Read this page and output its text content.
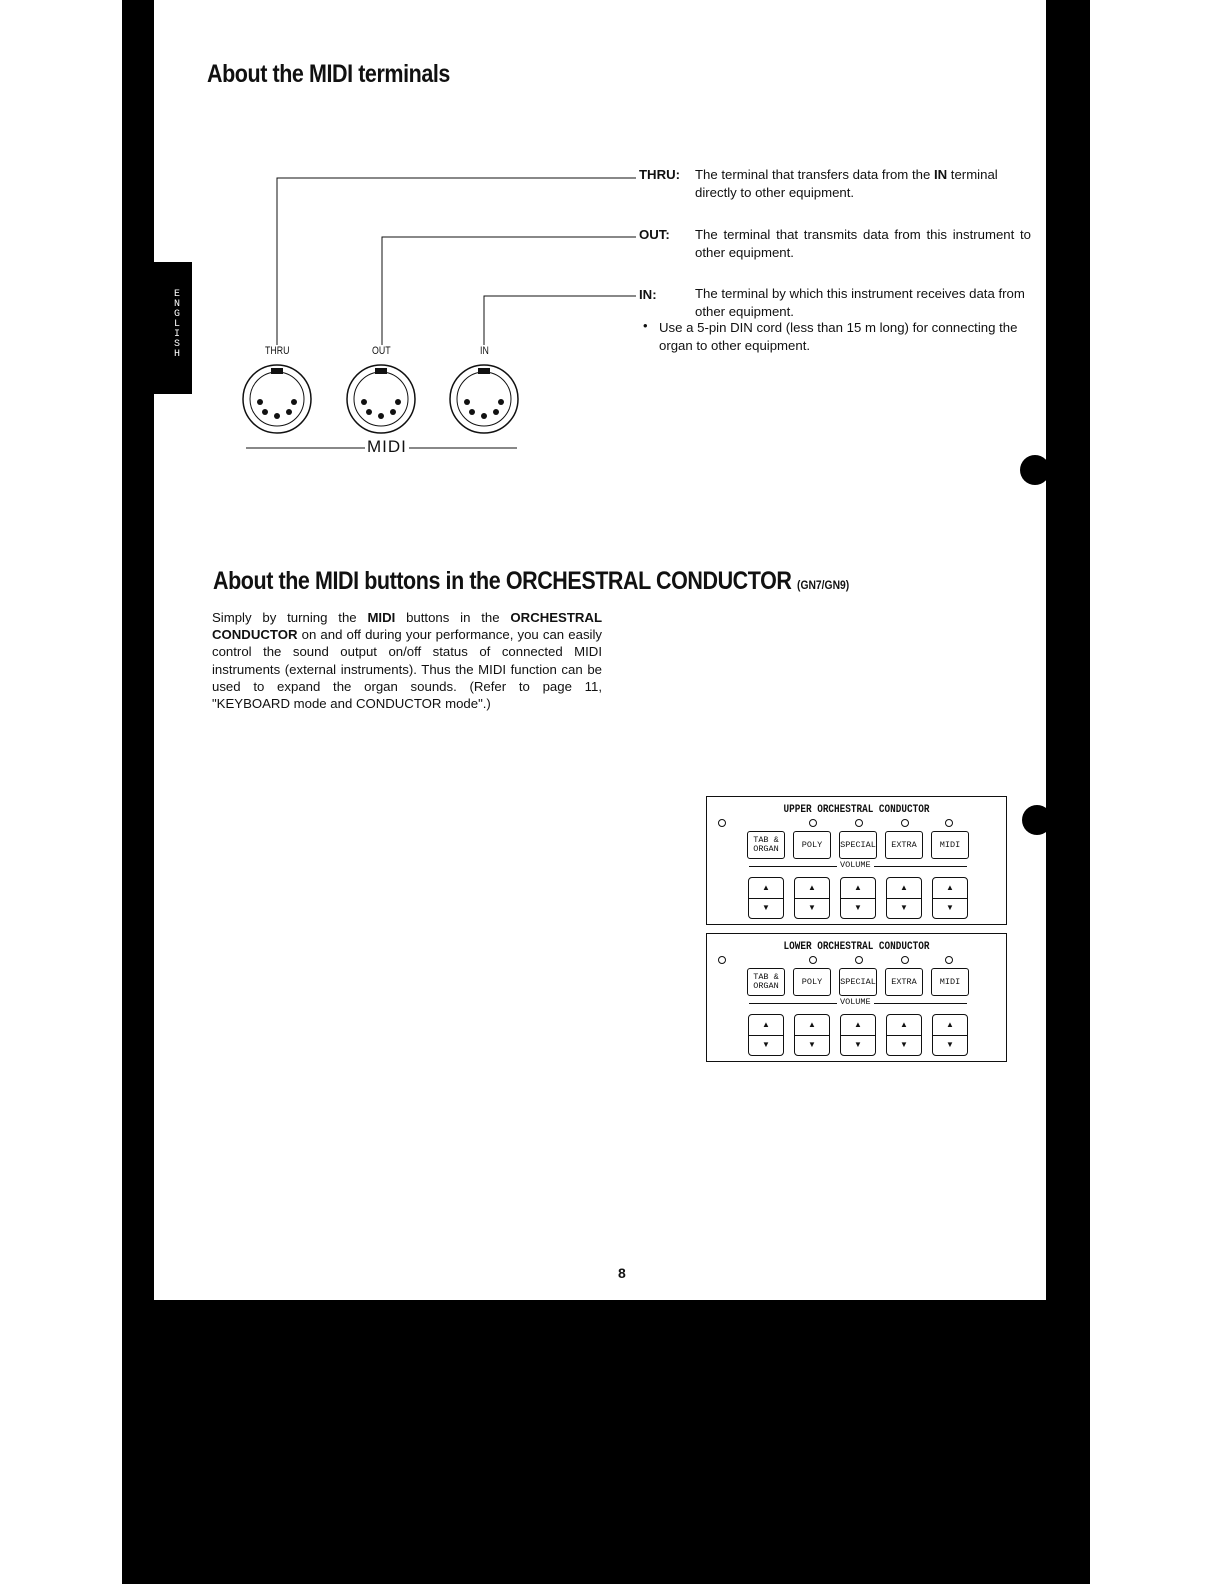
ENGLISH
About the MIDI terminals
THRU	OUT	IN
MIDI
THRU: The terminal that transfers data from the IN terminal directly to other equipment.
OUT: The terminal that transmits data from this instrument to other equipment.
IN:	The terminal by which this instrument receives data from other equipment.
• Use a 5-pin DIN cord (less than 15 m long) for connecting the organ to other equipment.
About the MIDI buttons in the ORCHESTRAL CONDUCTOR (GN7/GN9)
Simply by turning the MIDI buttons in the ORCHESTRAL CONDUCTOR on and off during your performance, you can easily control the sound output on/off status of connected MIDI instruments (external instruments). Thus the MIDI function can be used to expand the organ sounds. (Refer to page 11, "KEYBOARD mode and CONDUCTOR mode".)
UPPER ORCHESTRAL CONDUCTOR
TAB & ORGAN	POLY	SPECIAL	EXTRA	MIDI
VOLUME
▲
▼
▲
▼
▲
▼
▲
▼
▲
▼
LOWER ORCHESTRAL CONDUCTOR
TAB & ORGAN	POLY	SPECIAL	EXTRA	MIDI
VOLUME
▲
▼
▲
▼
▲
▼
▲
▼
▲
▼
8
